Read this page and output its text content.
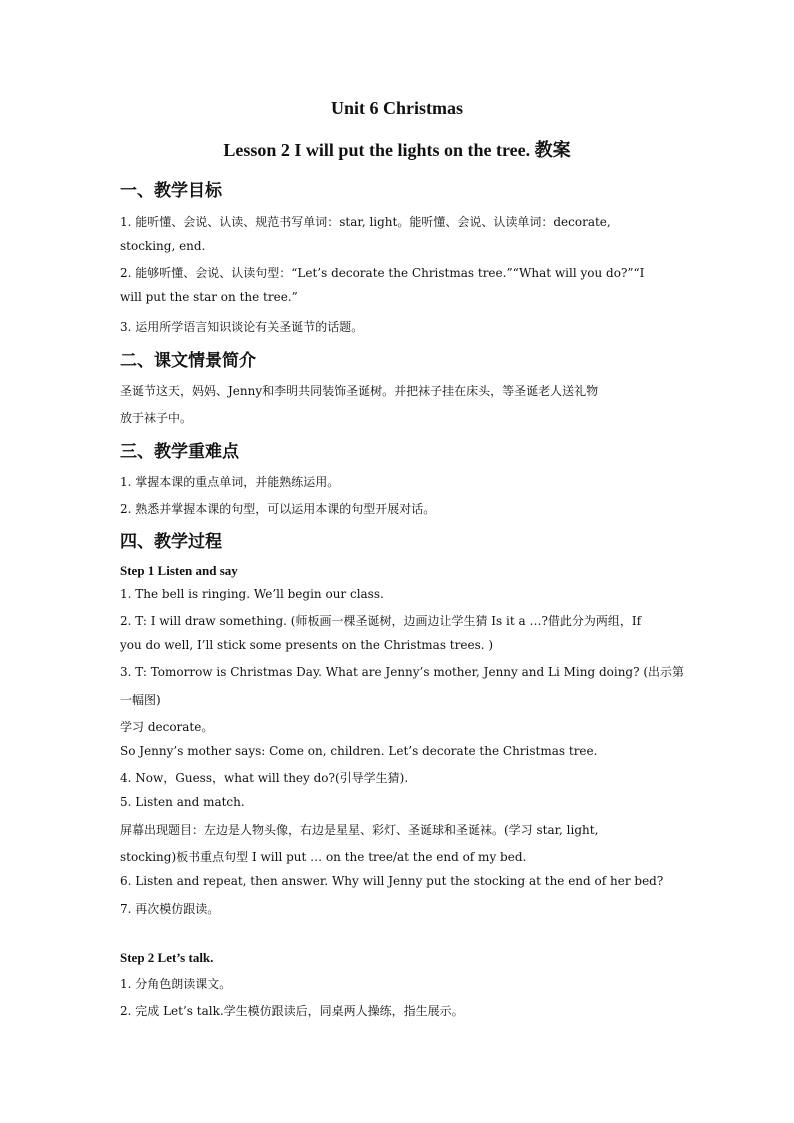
Unit 6 Christmas
Lesson 2 I will put the lights on the tree. 教案
一、教学目标
1. 能听懂、会说、认读、规范书写单词：star, light。能听懂、会说、认读单词：decorate,
stocking, end.
2. 能够听懂、会说、认读句型：“Let’s decorate the Christmas tree.”“What will you do?”“I
will put the star on the tree.”
3. 运用所学语言知识谈论有关圣诞节的话题。
二、课文情景简介
圣诞节这天，妈妈、Jenny和李明共同装饰圣诞树。并把袜子挂在床头，等圣诞老人送礼物
放于袜子中。
三、教学重难点
1. 掌握本课的重点单词，并能熟练运用。
2. 熟悉并掌握本课的句型，可以运用本课的句型开展对话。
四、教学过程
Step 1 Listen and say
1. The bell is ringing. We’ll begin our class.
2. T: I will draw something. (师板画一棵圣诞树，边画边让学生猜 Is it a …?借此分为两组，If
you do well, I’ll stick some presents on the Christmas trees. )
3. T: Tomorrow is Christmas Day. What are Jenny’s mother, Jenny and Li Ming doing? (出示第
一幅图)
学习 decorate。
So Jenny’s mother says: Come on, children. Let’s decorate the Christmas tree.
4. Now，Guess，what will they do?(引导学生猜).
5. Listen and match.
屏幕出现题目：左边是人物头像，右边是星星、彩灯、圣诞球和圣诞袜。(学习 star, light,
stocking)板书重点句型 I will put … on the tree/at the end of my bed.
6. Listen and repeat, then answer. Why will Jenny put the stocking at the end of her bed?
7. 再次模仿跟读。
Step 2 Let’s talk.
1. 分角色朗读课文。
2. 完成 Let’s talk.学生模仿跟读后，同桌两人操练，指生展示。
